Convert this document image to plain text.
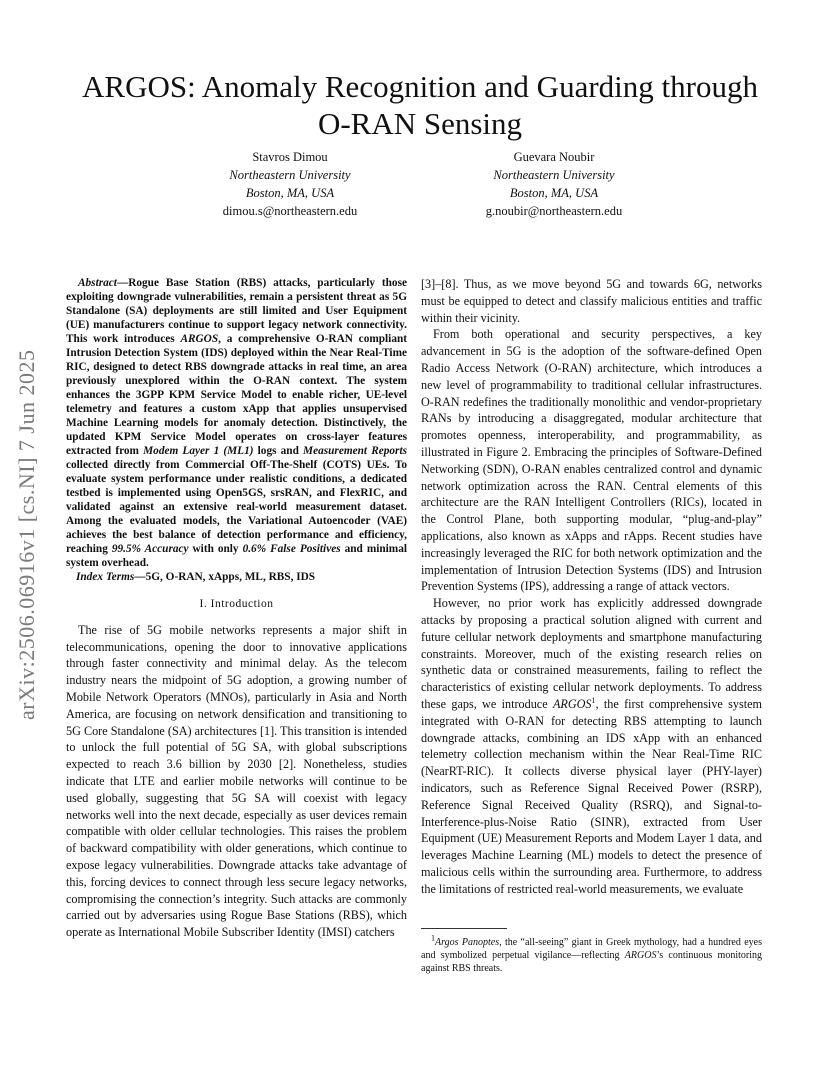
arXiv:2506.06916v1 [cs.NI] 7 Jun 2025
ARGOS: Anomaly Recognition and Guarding through O-RAN Sensing
Stavros Dimou
Northeastern University
Boston, MA, USA
dimou.s@northeastern.edu
Guevara Noubir
Northeastern University
Boston, MA, USA
g.noubir@northeastern.edu

Abstract—Rogue Base Station (RBS) attacks, particularly those exploiting downgrade vulnerabilities, remain a persistent threat as 5G Standalone (SA) deployments are still limited and User Equipment (UE) manufacturers continue to support legacy network connectivity. This work introduces ARGOS, a comprehensive O-RAN compliant Intrusion Detection System (IDS) deployed within the Near Real-Time RIC, designed to detect RBS downgrade attacks in real time, an area previously unexplored within the O-RAN context. The system enhances the 3GPP KPM Service Model to enable richer, UE-level telemetry and features a custom xApp that applies unsupervised Machine Learning models for anomaly detection. Distinctively, the updated KPM Service Model operates on cross-layer features extracted from Modem Layer 1 (ML1) logs and Measurement Reports collected directly from Commercial Off-The-Shelf (COTS) UEs. To evaluate system performance under realistic conditions, a dedicated testbed is implemented using Open5GS, srsRAN, and FlexRIC, and validated against an extensive real-world measurement dataset. Among the evaluated models, the Variational Autoencoder (VAE) achieves the best balance of detection performance and efficiency, reaching 99.5% Accuracy with only 0.6% False Positives and minimal system overhead.

Index Terms—5G, O-RAN, xApps, ML, RBS, IDS

I. Introduction

The rise of 5G mobile networks represents a major shift in telecommunications, opening the door to innovative applications through faster connectivity and minimal delay. As the telecom industry nears the midpoint of 5G adoption, a growing number of Mobile Network Operators (MNOs), particularly in Asia and North America, are focusing on network densification and transitioning to 5G Core Standalone (SA) architectures [1]. This transition is intended to unlock the full potential of 5G SA, with global subscriptions expected to reach 3.6 billion by 2030 [2]. Nonetheless, studies indicate that LTE and earlier mobile networks will continue to be used globally, suggesting that 5G SA will coexist with legacy networks well into the next decade, especially as user devices remain compatible with older cellular technologies. This raises the problem of backward compatibility with older generations, which continue to expose legacy vulnerabilities. Downgrade attacks take advantage of this, forcing devices to connect through less secure legacy networks, compromising the connection’s integrity. Such attacks are commonly carried out by adversaries using Rogue Base Stations (RBS), which operate as International Mobile Subscriber Identity (IMSI) catchers

[3]–[8]. Thus, as we move beyond 5G and towards 6G, networks must be equipped to detect and classify malicious entities and traffic within their vicinity.

From both operational and security perspectives, a key advancement in 5G is the adoption of the software-defined Open Radio Access Network (O-RAN) architecture, which introduces a new level of programmability to traditional cellular infrastructures. O-RAN redefines the traditionally monolithic and vendor-proprietary RANs by introducing a disaggregated, modular architecture that promotes openness, interoperability, and programmability, as illustrated in Figure 2. Embracing the principles of Software-Defined Networking (SDN), O-RAN enables centralized control and dynamic network optimization across the RAN. Central elements of this architecture are the RAN Intelligent Controllers (RICs), located in the Control Plane, both supporting modular, “plug-and-play” applications, also known as xApps and rApps. Recent studies have increasingly leveraged the RIC for both network optimization and the implementation of Intrusion Detection Systems (IDS) and Intrusion Prevention Systems (IPS), addressing a range of attack vectors.

However, no prior work has explicitly addressed downgrade attacks by proposing a practical solution aligned with current and future cellular network deployments and smartphone manufacturing constraints. Moreover, much of the existing research relies on synthetic data or constrained measurements, failing to reflect the characteristics of existing cellular network deployments. To address these gaps, we introduce ARGOS$^1$, the first comprehensive system integrated with O-RAN for detecting RBS attempting to launch downgrade attacks, combining an IDS xApp with an enhanced telemetry collection mechanism within the Near Real-Time RIC (NearRT-RIC). It collects diverse physical layer (PHY-layer) indicators, such as Reference Signal Received Power (RSRP), Reference Signal Received Quality (RSRQ), and Signal-to-Interference-plus-Noise Ratio (SINR), extracted from User Equipment (UE) Measurement Reports and Modem Layer 1 data, and leverages Machine Learning (ML) models to detect the presence of malicious cells within the surrounding area. Furthermore, to address the limitations of restricted real-world measurements, we evaluate

$^1$Argos Panoptes, the “all-seeing” giant in Greek mythology, had a hundred eyes and symbolized perpetual vigilance—reflecting ARGOS’s continuous monitoring against RBS threats.
